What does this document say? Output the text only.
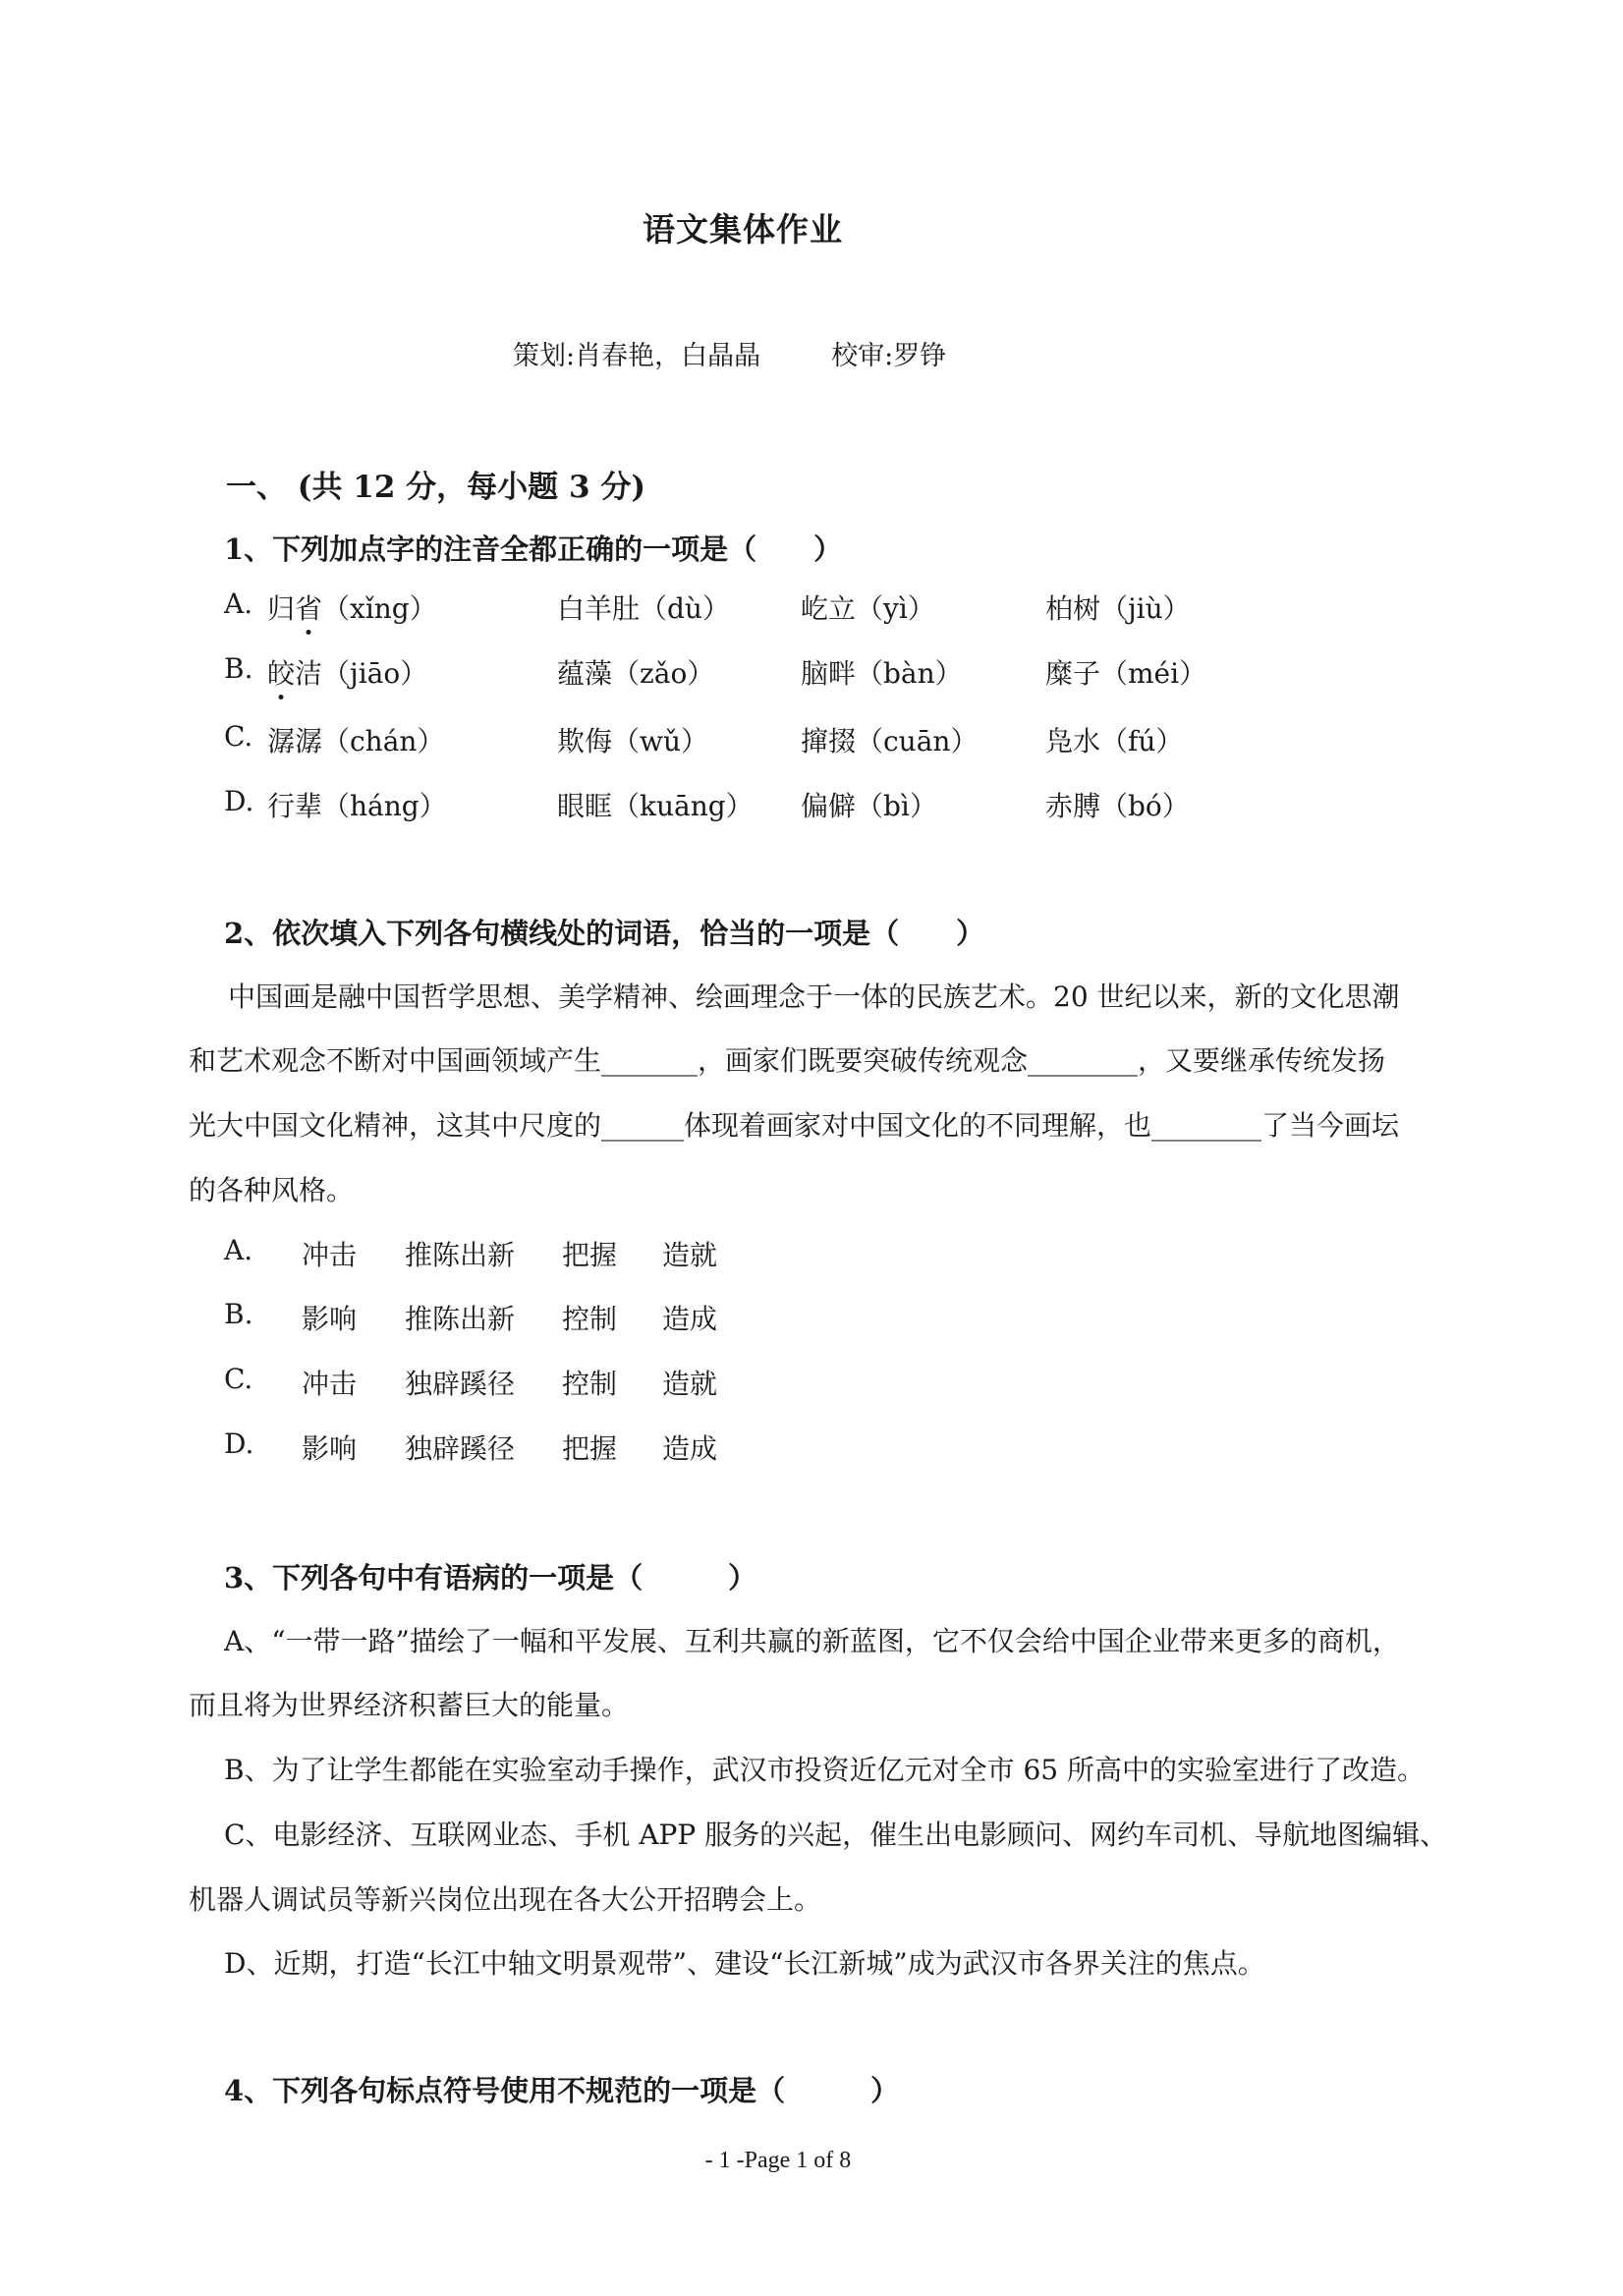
语文集体作业
策划:肖春艳，白晶晶	校审:罗铮
一、 (共 12 分，每小题 3 分)
1、下列加点字的注音全都正确的一项是（　　）
A. 归省（xǐng）	白羊肚（dù）	屹立（yì）	柏树（jiù）
B. 皎洁（jiāo）	蕴藻（zǎo）	脑畔（bàn）	糜子（méi）
C. 潺潺（chán）	欺侮（wǔ）	撺掇（cuān） 凫水（fú）
D. 行辈（háng）	眼眶（kuāng） 偏僻（bì）	赤膊（bó）
2、依次填入下列各句横线处的词语，恰当的一项是（　　）
中国画是融中国哲学思想、美学精神、绘画理念于一体的民族艺术。20 世纪以来，新的文化思潮
和艺术观念不断对中国画领域产生_______，画家们既要突破传统观念________，又要继承传统发扬
光大中国文化精神，这其中尺度的______体现着画家对中国文化的不同理解，也________了当今画坛
的各种风格。
A. 冲击 推陈出新 把握 造就
B. 影响 推陈出新 控制 造成
C. 冲击 独辟蹊径 控制 造就
D. 影响 独辟蹊径 把握 造成
3、下列各句中有语病的一项是（　　　）
A、“一带一路”描绘了一幅和平发展、互利共赢的新蓝图，它不仅会给中国企业带来更多的商机，
而且将为世界经济积蓄巨大的能量。
B、为了让学生都能在实验室动手操作，武汉市投资近亿元对全市 65 所高中的实验室进行了改造。
C、电影经济、互联网业态、手机 APP 服务的兴起，催生出电影顾问、网约车司机、导航地图编辑、
机器人调试员等新兴岗位出现在各大公开招聘会上。
D、近期，打造“长江中轴文明景观带”、建设“长江新城”成为武汉市各界关注的焦点。
4、下列各句标点符号使用不规范的一项是（　　　）
- 1 -Page 1 of 8
